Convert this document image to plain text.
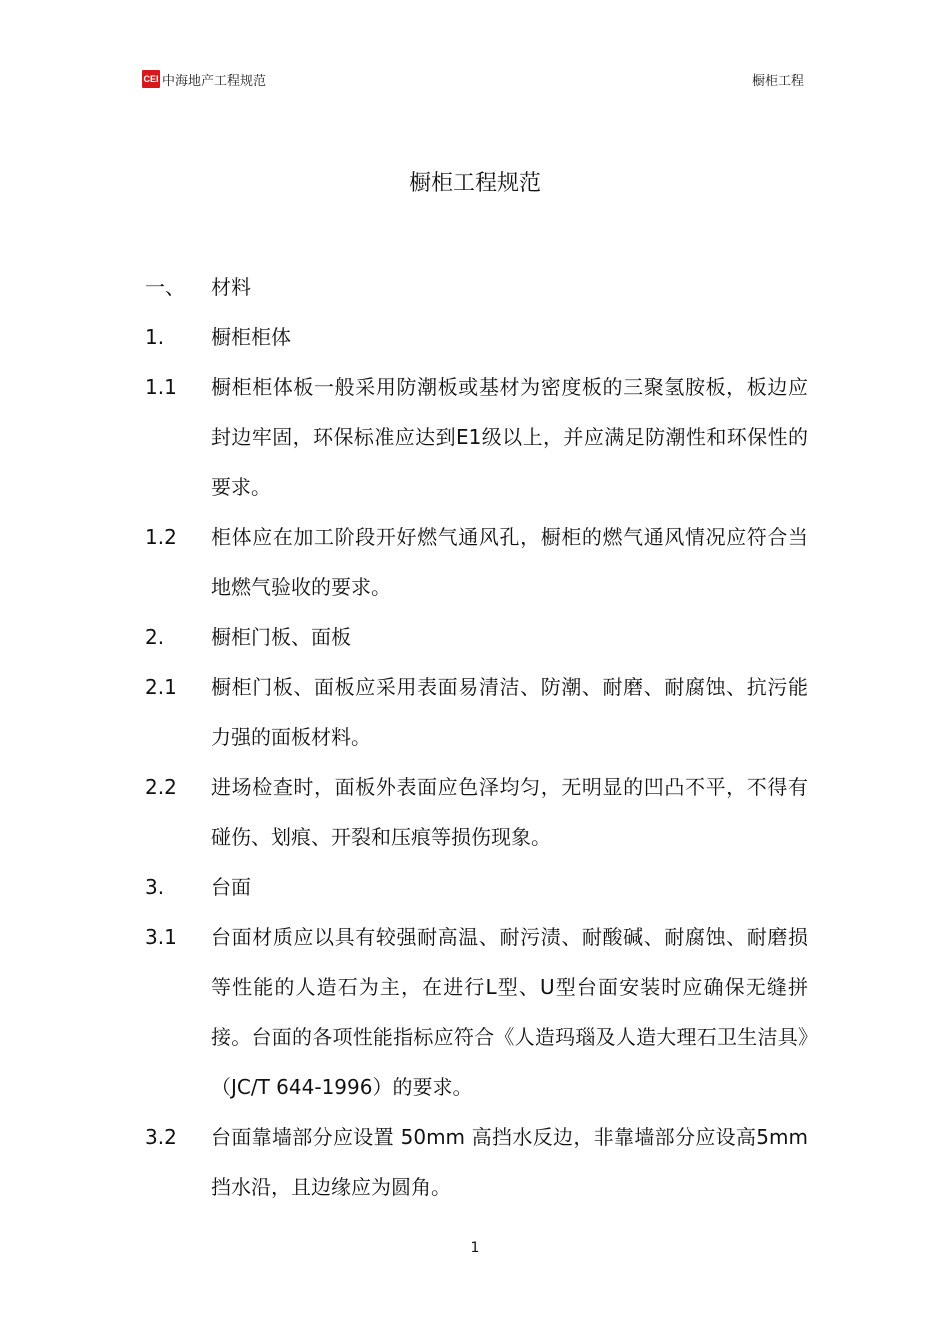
CEI 中海地产工程规范	橱柜工程
橱柜工程规范
一、 材料
1. 橱柜柜体
1.1 橱柜柜体板一般采用防潮板或基材为密度板的三聚氢胺板，板边应封边牢固，环保标准应达到E1级以上，并应满足防潮性和环保性的要求。
1.2 柜体应在加工阶段开好燃气通风孔，橱柜的燃气通风情况应符合当地燃气验收的要求。
2. 橱柜门板、面板
2.1 橱柜门板、面板应采用表面易清洁、防潮、耐磨、耐腐蚀、抗污能力强的面板材料。
2.2 进场检查时，面板外表面应色泽均匀，无明显的凹凸不平，不得有碰伤、划痕、开裂和压痕等损伤现象。
3. 台面
3.1 台面材质应以具有较强耐高温、耐污渍、耐酸碱、耐腐蚀、耐磨损等性能的人造石为主，在进行L型、U型台面安装时应确保无缝拼接。台面的各项性能指标应符合《人造玛瑙及人造大理石卫生洁具》（JC/T 644-1996）的要求。
3.2 台面靠墙部分应设置 50mm 高挡水反边，非靠墙部分应设高5mm挡水沿，且边缘应为圆角。
1
